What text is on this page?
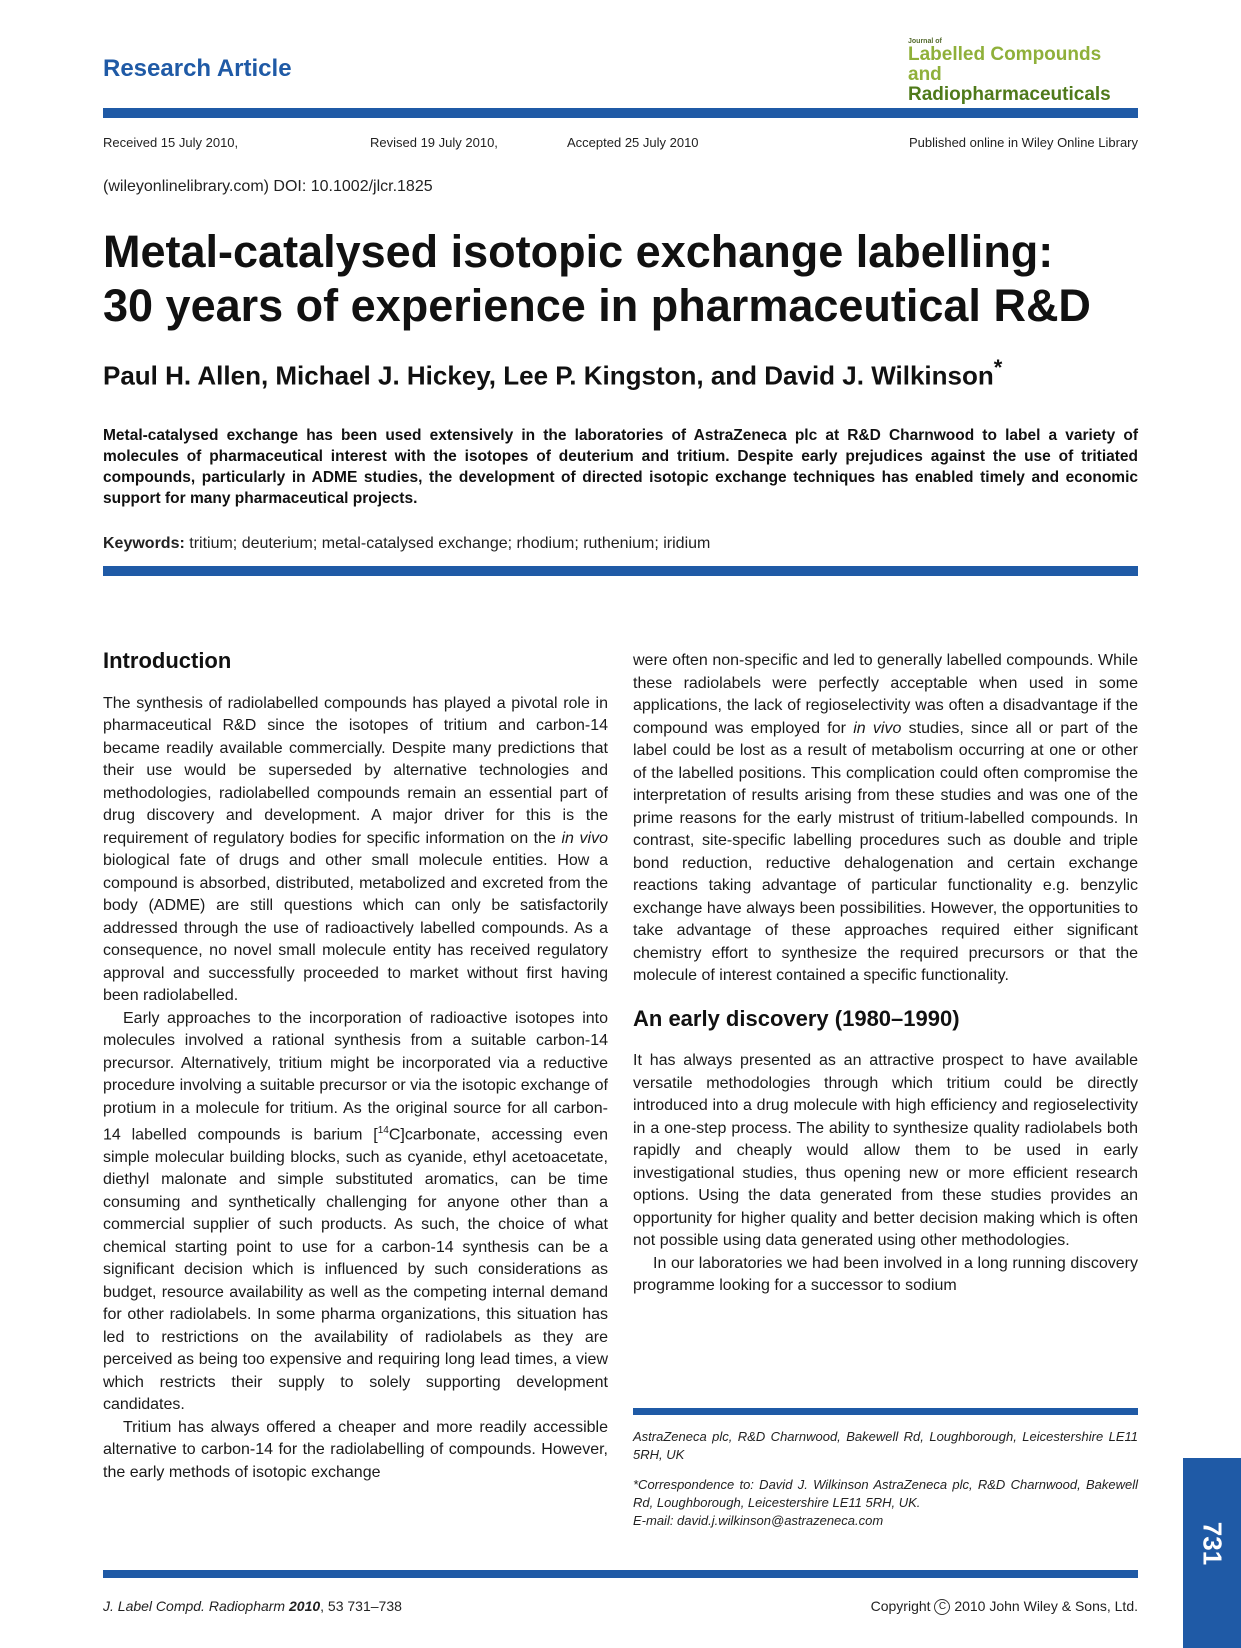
Research Article
Journal of
Labelled Compounds and
Radiopharmaceuticals
Received 15 July 2010,	Revised 19 July 2010,	Accepted 25 July 2010	Published online in Wiley Online Library
(wileyonlinelibrary.com) DOI: 10.1002/jlcr.1825
Metal-catalysed isotopic exchange labelling:
30 years of experience in pharmaceutical R&D
Paul H. Allen, Michael J. Hickey, Lee P. Kingston, and David J. Wilkinson*
Metal-catalysed exchange has been used extensively in the laboratories of AstraZeneca plc at R&D Charnwood to label a variety of molecules of pharmaceutical interest with the isotopes of deuterium and tritium. Despite early prejudices against the use of tritiated compounds, particularly in ADME studies, the development of directed isotopic exchange techniques has enabled timely and economic support for many pharmaceutical projects.
Keywords: tritium; deuterium; metal-catalysed exchange; rhodium; ruthenium; iridium
Introduction

The synthesis of radiolabelled compounds has played a pivotal role in pharmaceutical R&D since the isotopes of tritium and carbon-14 became readily available commercially. Despite many predictions that their use would be superseded by alternative technologies and methodologies, radiolabelled compounds remain an essential part of drug discovery and development. A major driver for this is the requirement of regulatory bodies for specific information on the in vivo biological fate of drugs and other small molecule entities. How a compound is absorbed, distributed, metabolized and excreted from the body (ADME) are still questions which can only be satisfactorily addressed through the use of radioactively labelled compounds. As a consequence, no novel small molecule entity has received regulatory approval and successfully proceeded to market without first having been radiolabelled.

Early approaches to the incorporation of radioactive isotopes into molecules involved a rational synthesis from a suitable carbon-14 precursor. Alternatively, tritium might be incorporated via a reductive procedure involving a suitable precursor or via the isotopic exchange of protium in a molecule for tritium. As the original source for all carbon-14 labelled compounds is barium [$^{14}$C]carbonate, accessing even simple molecular building blocks, such as cyanide, ethyl acetoacetate, diethyl malonate and simple substituted aromatics, can be time consuming and synthetically challenging for anyone other than a commercial supplier of such products. As such, the choice of what chemical starting point to use for a carbon-14 synthesis can be a significant decision which is influenced by such considerations as budget, resource availability as well as the competing internal demand for other radiolabels. In some pharma organizations, this situation has led to restrictions on the availability of radiolabels as they are perceived as being too expensive and requiring long lead times, a view which restricts their supply to solely supporting development candidates.

Tritium has always offered a cheaper and more readily accessible alternative to carbon-14 for the radiolabelling of compounds. However, the early methods of isotopic exchange

were often non-specific and led to generally labelled compounds. While these radiolabels were perfectly acceptable when used in some applications, the lack of regioselectivity was often a disadvantage if the compound was employed for in vivo studies, since all or part of the label could be lost as a result of metabolism occurring at one or other of the labelled positions. This complication could often compromise the interpretation of results arising from these studies and was one of the prime reasons for the early mistrust of tritium-labelled compounds. In contrast, site-specific labelling procedures such as double and triple bond reduction, reductive dehalogenation and certain exchange reactions taking advantage of particular functionality e.g. benzylic exchange have always been possibilities. However, the opportunities to take advantage of these approaches required either significant chemistry effort to synthesize the required precursors or that the molecule of interest contained a specific functionality.

An early discovery (1980–1990)

It has always presented as an attractive prospect to have available versatile methodologies through which tritium could be directly introduced into a drug molecule with high efficiency and regioselectivity in a one-step process. The ability to synthesize quality radiolabels both rapidly and cheaply would allow them to be used in early investigational studies, thus opening new or more efficient research options. Using the data generated from these studies provides an opportunity for higher quality and better decision making which is often not possible using data generated using other methodologies.

In our laboratories we had been involved in a long running discovery programme looking for a successor to sodium

AstraZeneca plc, R&D Charnwood, Bakewell Rd, Loughborough, Leicestershire LE11 5RH, UK

*Correspondence to: David J. Wilkinson AstraZeneca plc, R&D Charnwood, Bakewell Rd, Loughborough, Leicestershire LE11 5RH, UK.

E-mail: david.j.wilkinson@astrazeneca.com

731
J. Label Compd. Radiopharm 2010, 53 731–738	Copyright C 2010 John Wiley & Sons, Ltd.
